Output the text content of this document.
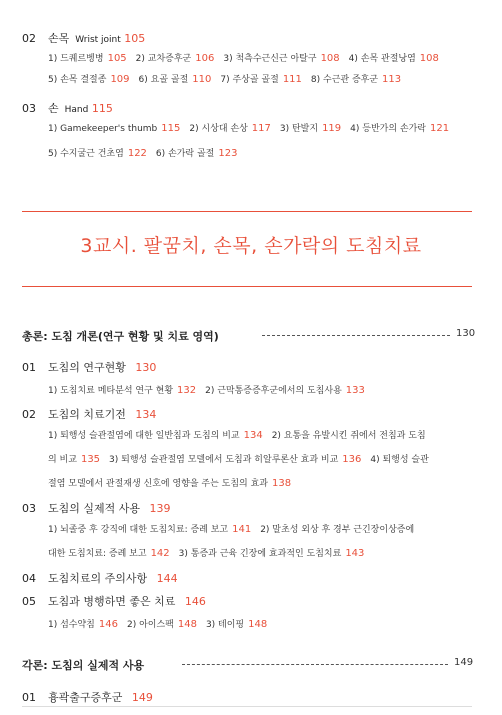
02 손목 Wrist joint 105
1) 드퀘르벵병 105 2) 교차증후군 106 3) 척측수근신근 아탈구 108 4) 손목 관절낭염 108
5) 손목 결절종 109 6) 요골 골절 110 7) 주상골 골절 111 8) 수근관 증후군 113
03 손 Hand 115
1) Gamekeeper's thumb 115 2) 시상대 손상 117 3) 탄발지 119 4) 등반가의 손가락 121
5) 수지굴근 건초염 122 6) 손가락 골절 123
01 도침의 연구현황 130
1) 도침치료 메타분석 연구 현황 132 2) 근막통증증후군에서의 도침사용 133
02 도침의 치료기전 134
1) 퇴행성 슬관절염에 대한 일반침과 도침의 비교 134 2) 요통을 유발시킨 쥐에서 전침과 도침
의 비교 135 3) 퇴행성 슬관절염 모델에서 도침과 히알루론산 효과 비교 136 4) 퇴행성 슬관
절염 모델에서 관절재생 신호에 영향을 주는 도침의 효과 138
03 도침의 실제적 사용 139
1) 뇌졸중 후 강직에 대한 도침치료: 증례 보고 141 2) 말초성 외상 후 경부 근긴장이상증에
대한 도침치료: 증례 보고 142 3) 통증과 근육 긴장에 효과적인 도침치료 143
04 도침치료의 주의사항 144
05 도침과 병행하면 좋은 치료 146
1) 섬수약침 146 2) 아이스팩 148 3) 테이핑 148
01 흉곽출구증후군 149
3교시. 팔꿈치, 손목, 손가락의 도침치료
총론: 도침 개론(연구 현황 및 치료 영역)	130
각론: 도침의 실제적 사용	149
